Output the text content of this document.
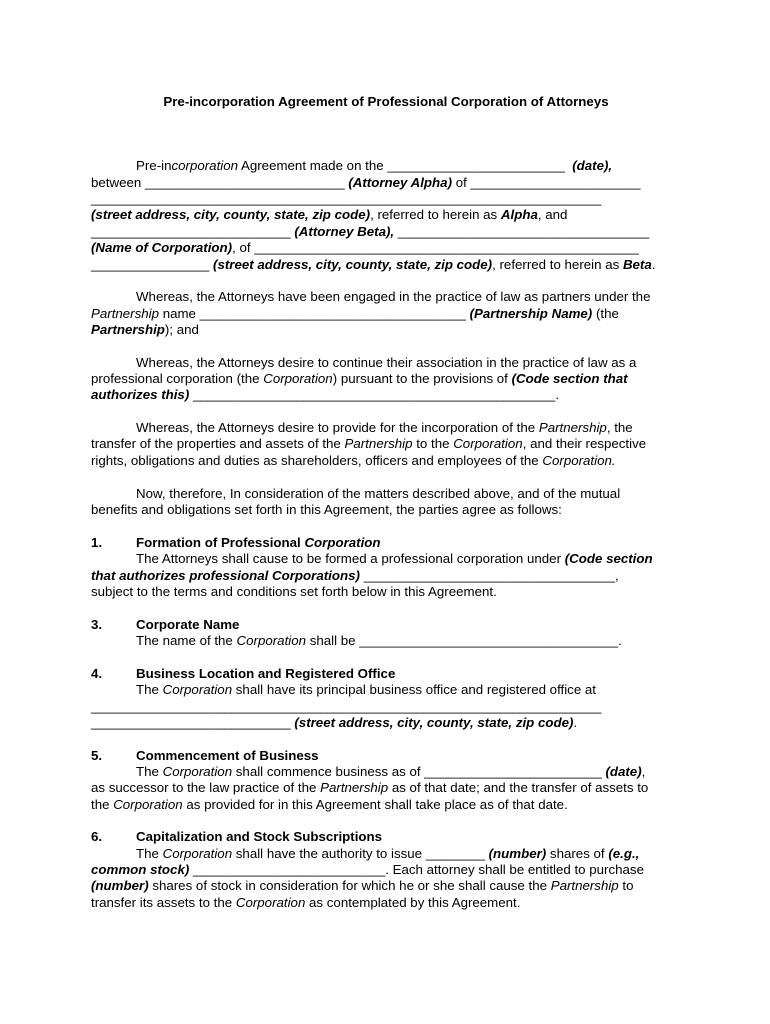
Pre-incorporation Agreement of Professional Corporation of Attorneys
Pre-incorporation Agreement made on the ________________________ (date),
between ___________________________ (Attorney Alpha) of _______________________
_____________________________________________________________________
(street address, city, county, state, zip code), referred to herein as Alpha, and
___________________________ (Attorney Beta), __________________________________
(Name of Corporation), of ____________________________________________________
________________ (street address, city, county, state, zip code), referred to herein as Beta.
Whereas, the Attorneys have been engaged in the practice of law as partners under the
Partnership name ____________________________________ (Partnership Name) (the
Partnership); and
Whereas, the Attorneys desire to continue their association in the practice of law as a
professional corporation (the Corporation) pursuant to the provisions of (Code section that
authorizes this) _________________________________________________.
Whereas, the Attorneys desire to provide for the incorporation of the Partnership, the
transfer of the properties and assets of the Partnership to the Corporation, and their respective
rights, obligations and duties as shareholders, officers and employees of the Corporation.
Now, therefore, In consideration of the matters described above, and of the mutual
benefits and obligations set forth in this Agreement, the parties agree as follows:
1.	Formation of Professional Corporation
The Attorneys shall cause to be formed a professional corporation under (Code section
that authorizes professional Corporations) __________________________________,
subject to the terms and conditions set forth below in this Agreement.
3.	Corporate Name
The name of the Corporation shall be ___________________________________.
4.	Business Location and Registered Office
The Corporation shall have its principal business office and registered office at
_____________________________________________________________________
___________________________ (street address, city, county, state, zip code).
5.	Commencement of Business
The Corporation shall commence business as of ________________________ (date),
as successor to the law practice of the Partnership as of that date; and the transfer of assets to
the Corporation as provided for in this Agreement shall take place as of that date.
6.	Capitalization and Stock Subscriptions
The Corporation shall have the authority to issue ________ (number) shares of (e.g.,
common stock) __________________________. Each attorney shall be entitled to purchase
(number) shares of stock in consideration for which he or she shall cause the Partnership to
transfer its assets to the Corporation as contemplated by this Agreement.
